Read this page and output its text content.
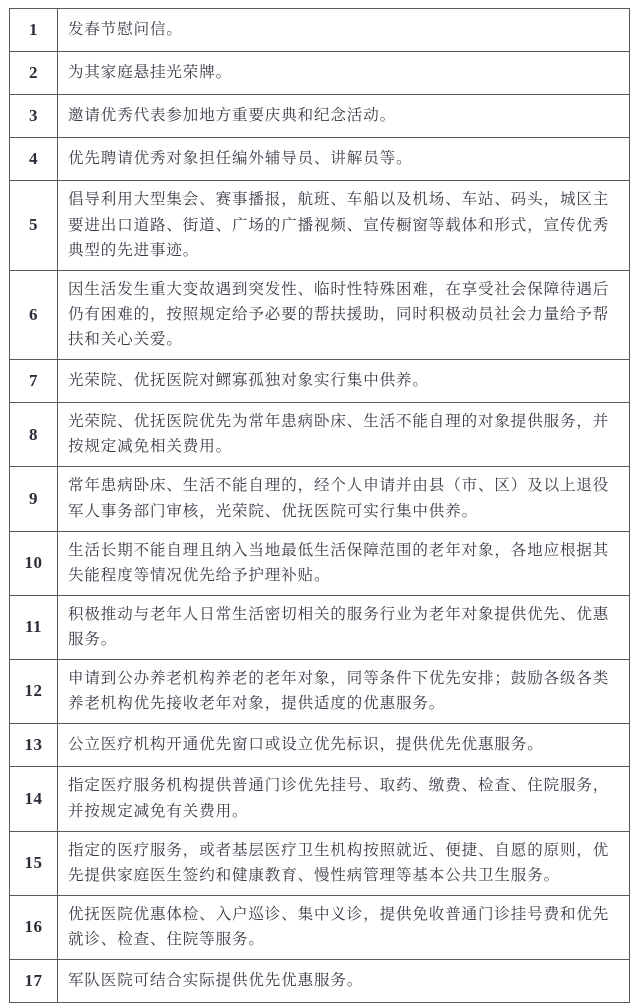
1	发春节慰问信。
2	为其家庭悬挂光荣牌。
3	邀请优秀代表参加地方重要庆典和纪念活动。
4	优先聘请优秀对象担任编外辅导员、讲解员等。
5	倡导利用大型集会、赛事播报，航班、车船以及机场、车站、码头，城区主要进出口道路、街道、广场的广播视频、宣传橱窗等载体和形式，宣传优秀典型的先进事迹。
6	因生活发生重大变故遇到突发性、临时性特殊困难，在享受社会保障待遇后仍有困难的，按照规定给予必要的帮扶援助，同时积极动员社会力量给予帮扶和关心关爱。
7	光荣院、优抚医院对鳏寡孤独对象实行集中供养。
8	光荣院、优抚医院优先为常年患病卧床、生活不能自理的对象提供服务，并按规定减免相关费用。
9	常年患病卧床、生活不能自理的，经个人申请并由县（市、区）及以上退役军人事务部门审核，光荣院、优抚医院可实行集中供养。
10	生活长期不能自理且纳入当地最低生活保障范围的老年对象，各地应根据其失能程度等情况优先给予护理补贴。
11	积极推动与老年人日常生活密切相关的服务行业为老年对象提供优先、优惠服务。
12	申请到公办养老机构养老的老年对象，同等条件下优先安排；鼓励各级各类养老机构优先接收老年对象，提供适度的优惠服务。
13	公立医疗机构开通优先窗口或设立优先标识，提供优先优惠服务。
14	指定医疗服务机构提供普通门诊优先挂号、取药、缴费、检查、住院服务，并按规定减免有关费用。
15	指定的医疗服务，或者基层医疗卫生机构按照就近、便捷、自愿的原则，优先提供家庭医生签约和健康教育、慢性病管理等基本公共卫生服务。
16	优抚医院优惠体检、入户巡诊、集中义诊，提供免收普通门诊挂号费和优先就诊、检查、住院等服务。
17	军队医院可结合实际提供优先优惠服务。
